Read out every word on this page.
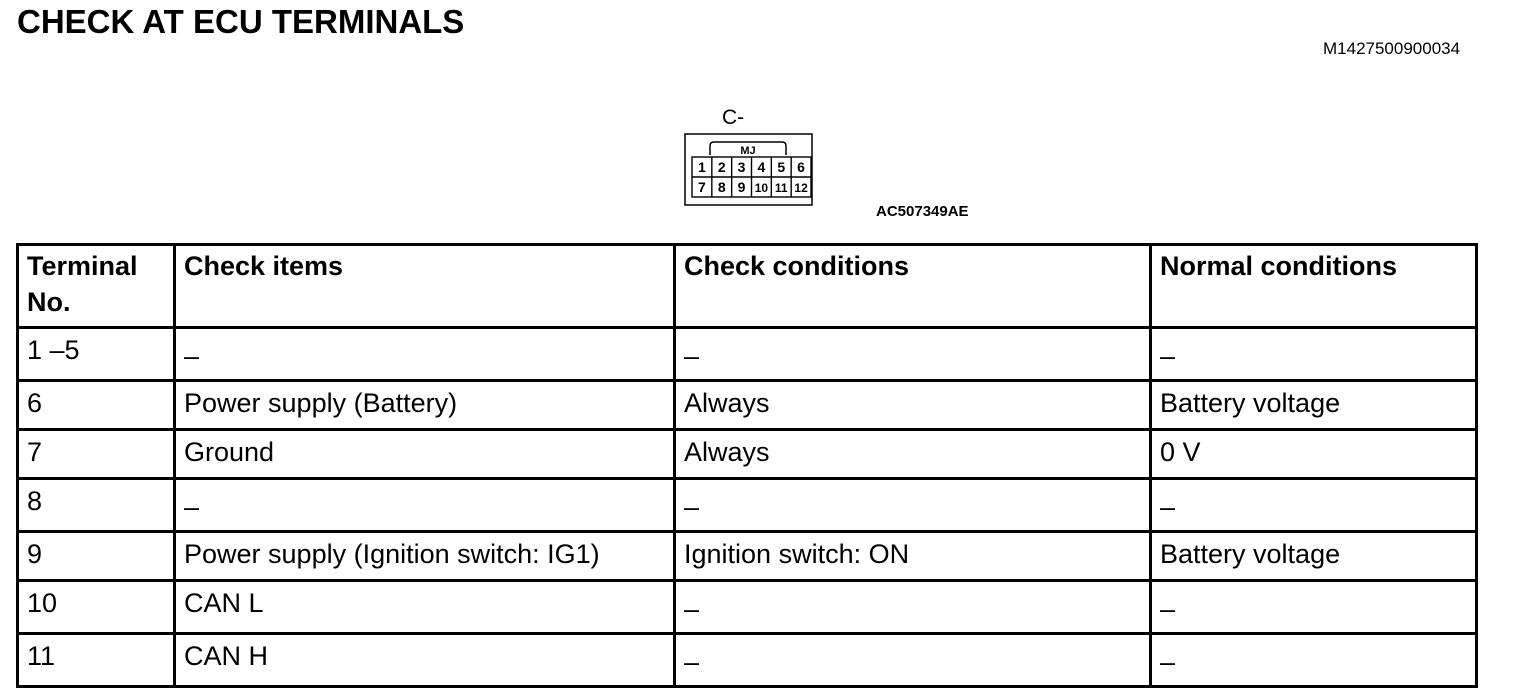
CHECK AT ECU TERMINALS
M1427500900034
C-
MJ
1 2 3 4 5 6
7 8 9 10 11 12
AC507349AE
Terminal No.	Check items	Check conditions	Normal conditions
1 –5	–	–	–
6	Power supply (Battery)	Always	Battery voltage
7	Ground	Always	0 V
8	–	–	–
9	Power supply (Ignition switch: IG1)	Ignition switch: ON	Battery voltage
10	CAN L	–	–
11	CAN H	–	–
